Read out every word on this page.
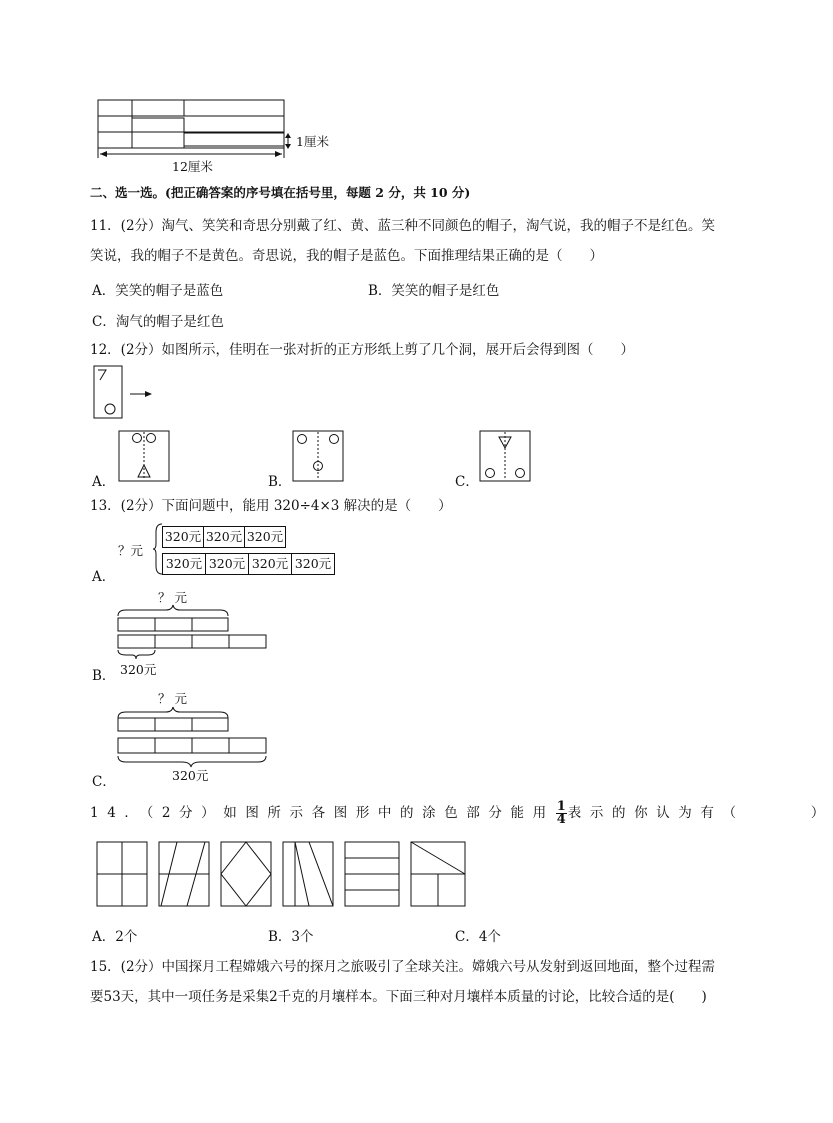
1厘米
12厘米
二、选一选。(把正确答案的序号填在括号里，每题 2 分，共 10 分)
11．(2分）淘气、笑笑和奇思分别戴了红、黄、蓝三种不同颜色的帽子，淘气说，我的帽子不是红色。笑
笑说，我的帽子不是黄色。奇思说，我的帽子是蓝色。下面推理结果正确的是（　　）
A．笑笑的帽子是蓝色	B．笑笑的帽子是红色
C．淘气的帽子是红色
12．(2分）如图所示，佳明在一张对折的正方形纸上剪了几个洞，展开后会得到图（　　）
A．	B．	C．
13．(2分）下面问题中，能用 320÷4×3 解决的是（　　）
A．
？元
320元 320元 320元
320元 320元 320元 320元
B．
？ 元
320元
C．
？ 元
320元
14．（2分）如图所示各图形中的涂色部分能用 $\frac{1}{4}$ 表示的你认为有（　　　）
A．2个	B．3个	C．4个
15．(2分）中国探月工程嫦娥六号的探月之旅吸引了全球关注。嫦娥六号从发射到返回地面，整个过程需
要53天，其中一项任务是采集2千克的月壤样本。下面三种对月壤样本质量的讨论，比较合适的是(　　)
